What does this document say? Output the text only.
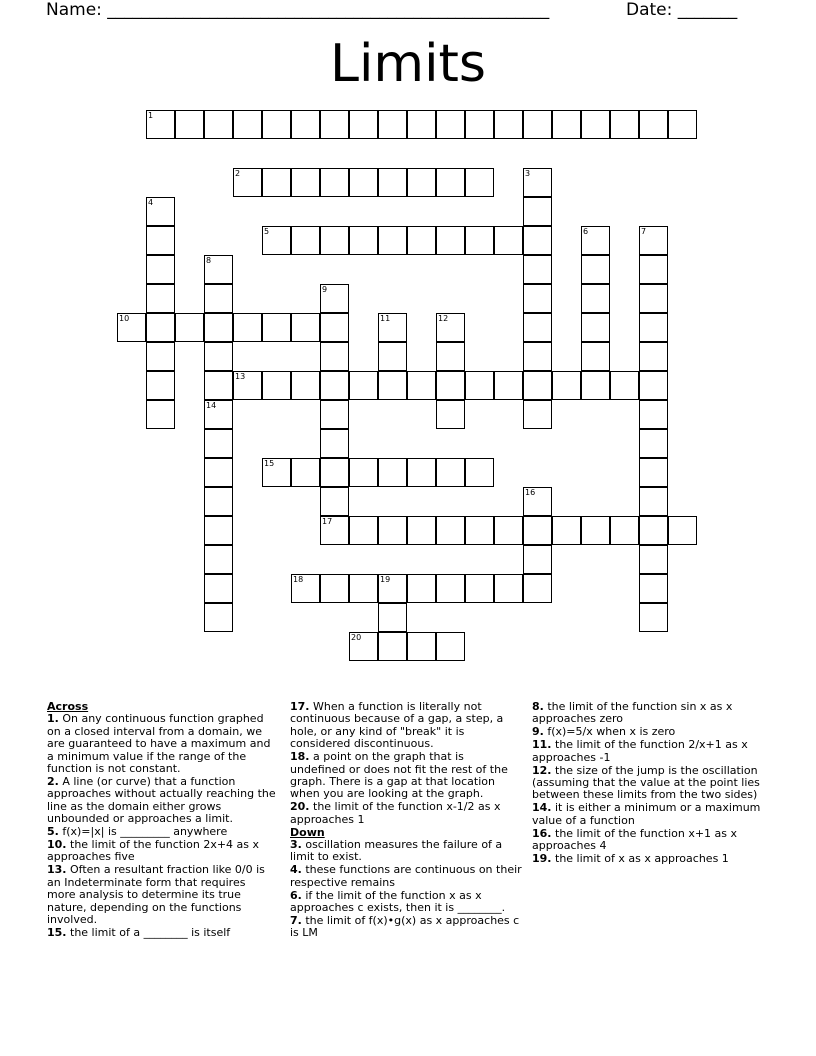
Name: ____________________________________________________	Date: _______
Limits
1
2	3
4
5	6	7
8
9
17
10	11	12
13
14
15
16
18	19
20
Across
1. On any continuous function graphed on a closed interval from a domain, we are guaranteed to have a maximum and a minimum value if the range of the function is not constant.
2. A line (or curve) that a function approaches without actually reaching the line as the domain either grows unbounded or approaches a limit.
5. f(x)=|x| is _________ anywhere
10. the limit of the function 2x+4 as x approaches five
13. Often a resultant fraction like 0/0 is an Indeterminate form that requires more analysis to determine its true nature, depending on the functions involved.
15. the limit of a ________ is itself
17. When a function is literally not continuous because of a gap, a step, a hole, or any kind of "break" it is considered discontinuous.
18. a point on the graph that is undefined or does not fit the rest of the graph. There is a gap at that location when you are looking at the graph.
20. the limit of the function x-1/2 as x approaches 1
Down
3. oscillation measures the failure of a limit to exist.
4. these functions are continuous on their respective remains
6. if the limit of the function x as x approaches c exists, then it is ________.
7. the limit of f(x)•g(x) as x approaches c is LM
8. the limit of the function sin x as x approaches zero
9. f(x)=5/x when x is zero
11. the limit of the function 2/x+1 as x approaches -1
12. the size of the jump is the oscillation (assuming that the value at the point lies between these limits from the two sides)
14. it is either a minimum or a maximum value of a function
16. the limit of the function x+1 as x approaches 4
19. the limit of x as x approaches 1
